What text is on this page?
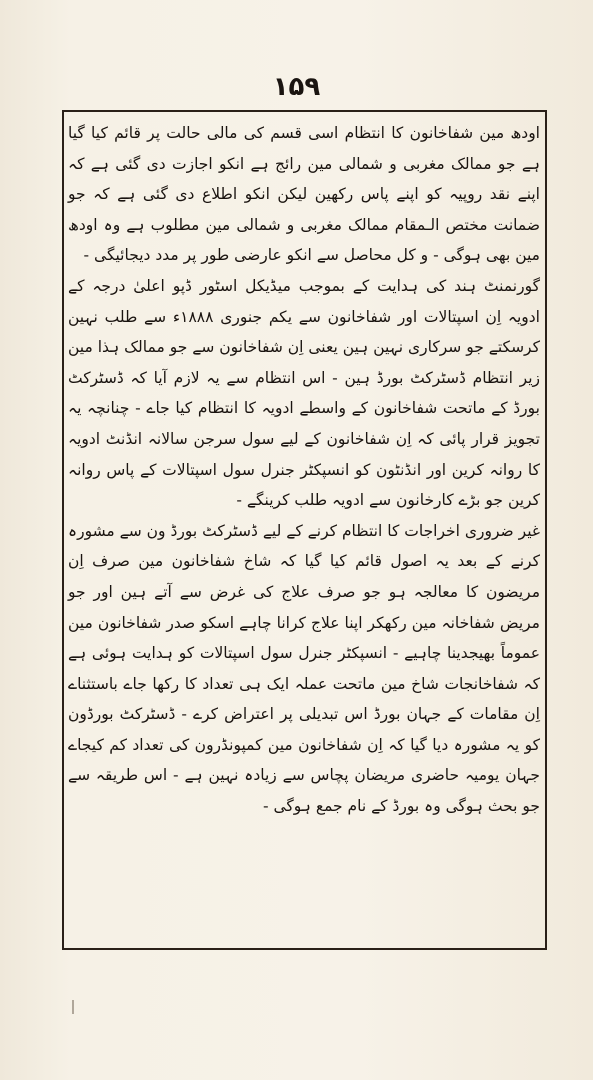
۱۵۹

اودھ مین شفاخانون کا انتظام اسی قسم کی مالی حالت پر قائم کیا گیا ہے جو ممالک مغربی و شمالی مین رائج ہے انکو اجازت دی گئی ہے کہ اپنے نقد روپیہ کو اپنے پاس رکھین لیکن انکو اطلاع دی گئی ہے کہ جو ضمانت مختص الـمقام ممالک مغربی و شمالی مین مطلوب ہے وہ اودھ مین بھی ہوگی - و کل محاصل سے انکو عارضی طور پر مدد دیجائیگی -

گورنمنٹ ہند کی ہدایت کے بموجب میڈیکل اسٹور ڈپو اعلیٰ درجہ کے ادویہ اِن اسپتالات اور شفاخانون سے یکم جنوری ۱۸۸۸ء سے طلب نہین کرسکتے جو سرکاری نہین ہین یعنی اِن شفاخانون سے جو ممالک ہذا مین زیر انتظام ڈسٹرکٹ بورڈ ہین - اس انتظام سے یہ لازم آیا کہ ڈسٹرکٹ بورڈ کے ماتحت شفاخانون کے واسطے ادویہ کا انتظام کیا جاے - چنانچہ یہ تجویز قرار پائی کہ اِن شفاخانون کے لیے سول سرجن سالانہ انڈنٹ ادویہ کا روانہ کرین اور انڈنٹون کو انسپکٹر جنرل سول اسپتالات کے پاس روانہ کرین جو بڑے کارخانون سے ادویہ طلب کرینگے -

غیر ضروری اخراجات کا انتظام کرنے کے لیے ڈسٹرکٹ بورڈ ون سے مشورہ کرنے کے بعد یہ اصول قائم کیا گیا کہ شاخ شفاخانون مین صرف اِن مریضون کا معالجہ ہو جو صرف علاج کی غرض سے آتے ہین اور جو مریض شفاخانہ مین رکھکر اپنا علاج کرانا چاہے اسکو صدر شفاخانون مین عموماً بھیجدینا چاہیے - انسپکٹر جنرل سول اسپتالات کو ہدایت ہوئی ہے کہ شفاخانجات شاخ مین ماتحت عملہ ایک ہی تعداد کا رکھا جاے باستثناے اِن مقامات کے جہان بورڈ اس تبدیلی پر اعتراض کرے - ڈسٹرکٹ بورڈون کو یہ مشورہ دیا گیا کہ اِن شفاخانون مین کمپونڈرون کی تعداد کم کیجاے جہان یومیہ حاضری مریضان پچاس سے زیادہ نہین ہے - اس طریقہ سے جو بحث ہوگی وہ بورڈ کے نام جمع ہوگی -
